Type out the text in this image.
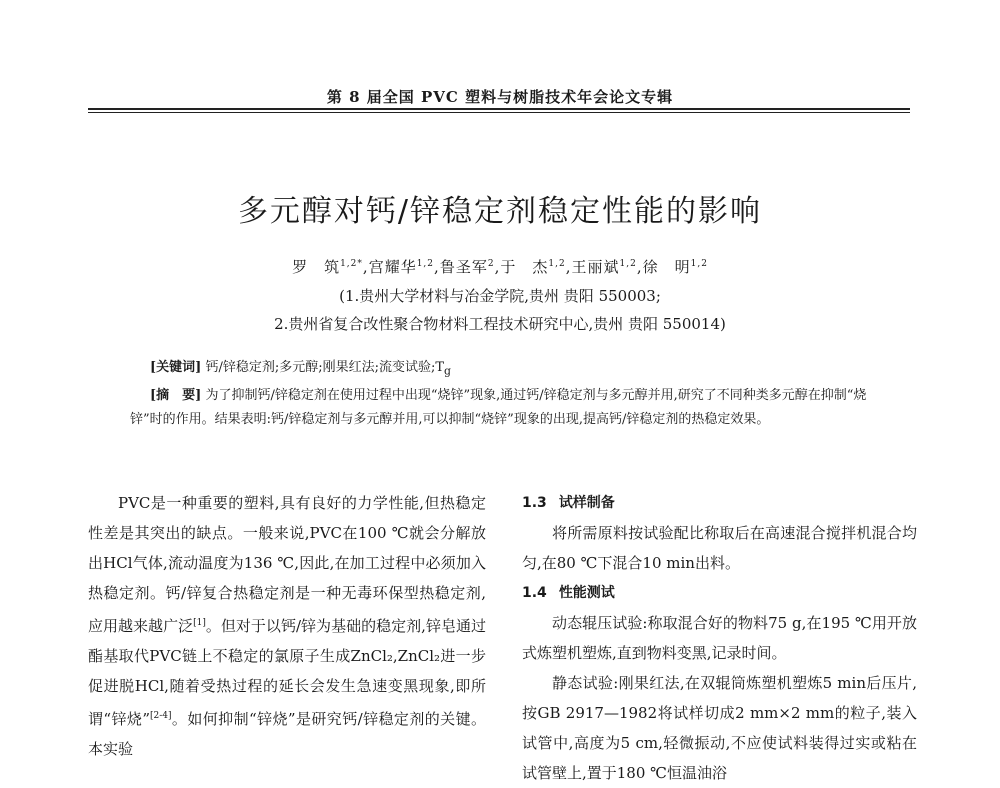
第 8 届全国 PVC 塑料与树脂技术年会论文专辑
多元醇对钙/锌稳定剂稳定性能的影响
罗　筑$^{1,2*}$,宫耀华$^{1,2}$,鲁圣军$^2$,于　杰$^{1,2}$,王丽斌$^{1,2}$,徐　明$^{1,2}$
(1.贵州大学材料与冶金学院,贵州 贵阳 550003;
2.贵州省复合改性聚合物材料工程技术研究中心,贵州 贵阳 550014)
[关键词] 钙/锌稳定剂;多元醇;刚果红法;流变试验$;T_g$
[摘　要] 为了抑制钙/锌稳定剂在使用过程中出现“烧锌”现象,通过钙/锌稳定剂与多元醇并用,研究了不同种类多元醇在抑制“烧锌”时的作用。结果表明:钙/锌稳定剂与多元醇并用,可以抑制“烧锌”现象的出现,提高钙/锌稳定剂的热稳定效果。

PVC是一种重要的塑料,具有良好的力学性能,但热稳定性差是其突出的缺点。一般来说,PVC在100 ℃就会分解放出HCl气体,流动温度为136 ℃,因此,在加工过程中必须加入热稳定剂。钙/锌复合热稳定剂是一种无毒环保型热稳定剂,应用越来越广泛[1]。但对于以钙/锌为基础的稳定剂,锌皂通过酯基取代PVC链上不稳定的氯原子生成ZnCl₂,ZnCl₂进一步促进脱HCl,随着受热过程的延长会发生急速变黑现象,即所谓“锌烧”[2-4]。如何抑制“锌烧”是研究钙/锌稳定剂的关键。本实验

1.3 试样制备

将所需原料按试验配比称取后在高速混合搅拌机混合均匀,在80 ℃下混合10 min出料。

1.4 性能测试

动态辊压试验:称取混合好的物料75 g,在195 ℃用开放式炼塑机塑炼,直到物料变黑,记录时间。

静态试验:刚果红法,在双辊筒炼塑机塑炼5 min后压片,按GB 2917—1982将试样切成2 mm×2 mm的粒子,装入试管中,高度为5 cm,轻微振动,不应使试料装得过实或粘在试管壁上,置于180 ℃恒温油浴
